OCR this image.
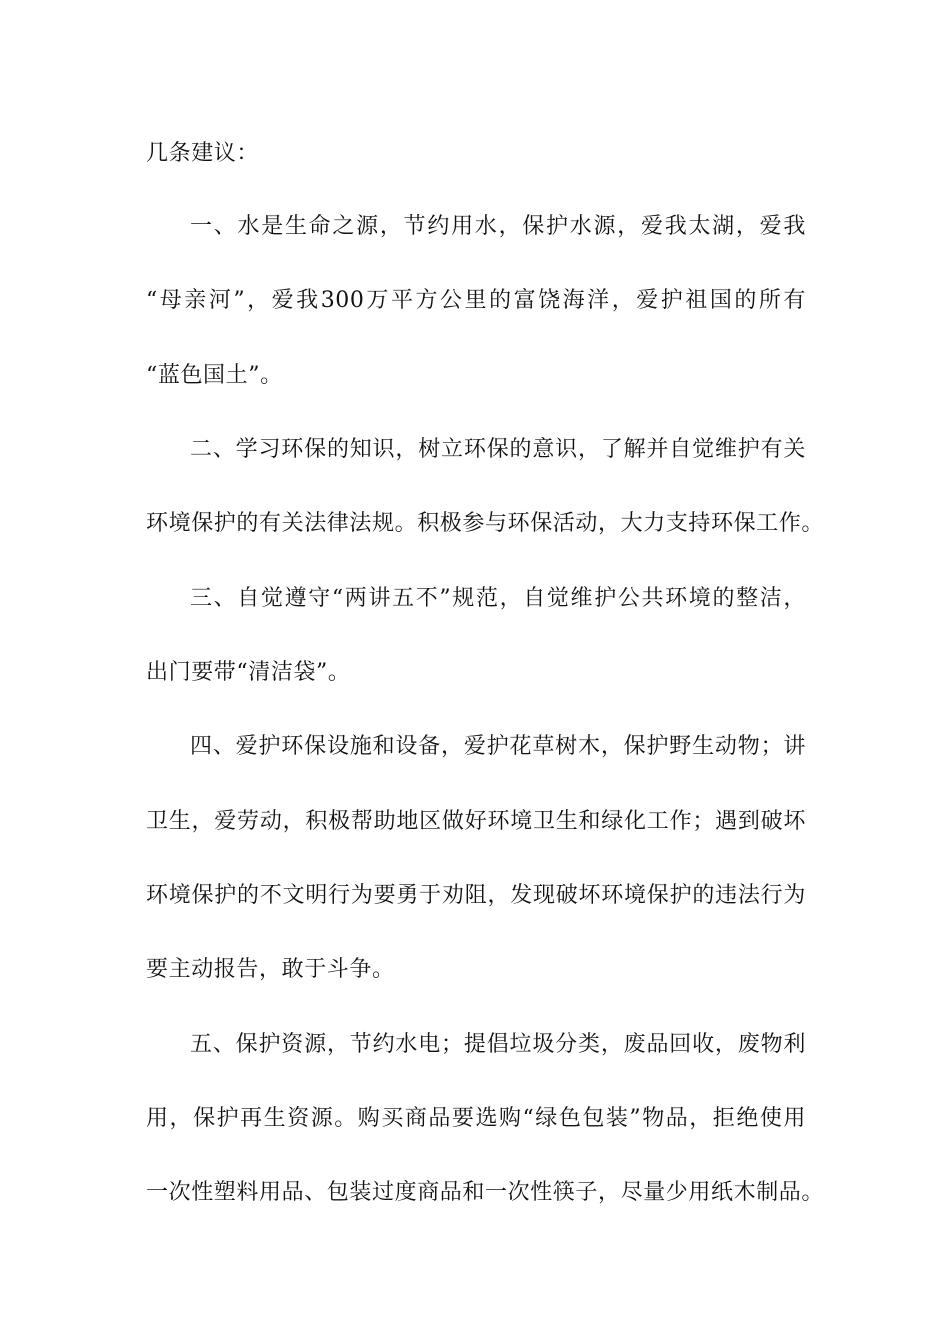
几条建议：
一、水是生命之源，节约用水，保护水源，爱我太湖，爱我
“母亲河”，爱我300万平方公里的富饶海洋，爱护祖国的所有
“蓝色国土”。
二、学习环保的知识，树立环保的意识，了解并自觉维护有关
环境保护的有关法律法规。积极参与环保活动，大力支持环保工作。
三、自觉遵守“两讲五不”规范，自觉维护公共环境的整洁，
出门要带“清洁袋”。
四、爱护环保设施和设备，爱护花草树木，保护野生动物；讲
卫生，爱劳动，积极帮助地区做好环境卫生和绿化工作；遇到破坏
环境保护的不文明行为要勇于劝阻，发现破坏环境保护的违法行为
要主动报告，敢于斗争。
五、保护资源，节约水电；提倡垃圾分类，废品回收，废物利
用，保护再生资源。购买商品要选购“绿色包装”物品，拒绝使用
一次性塑料用品、包装过度商品和一次性筷子，尽量少用纸木制品。
